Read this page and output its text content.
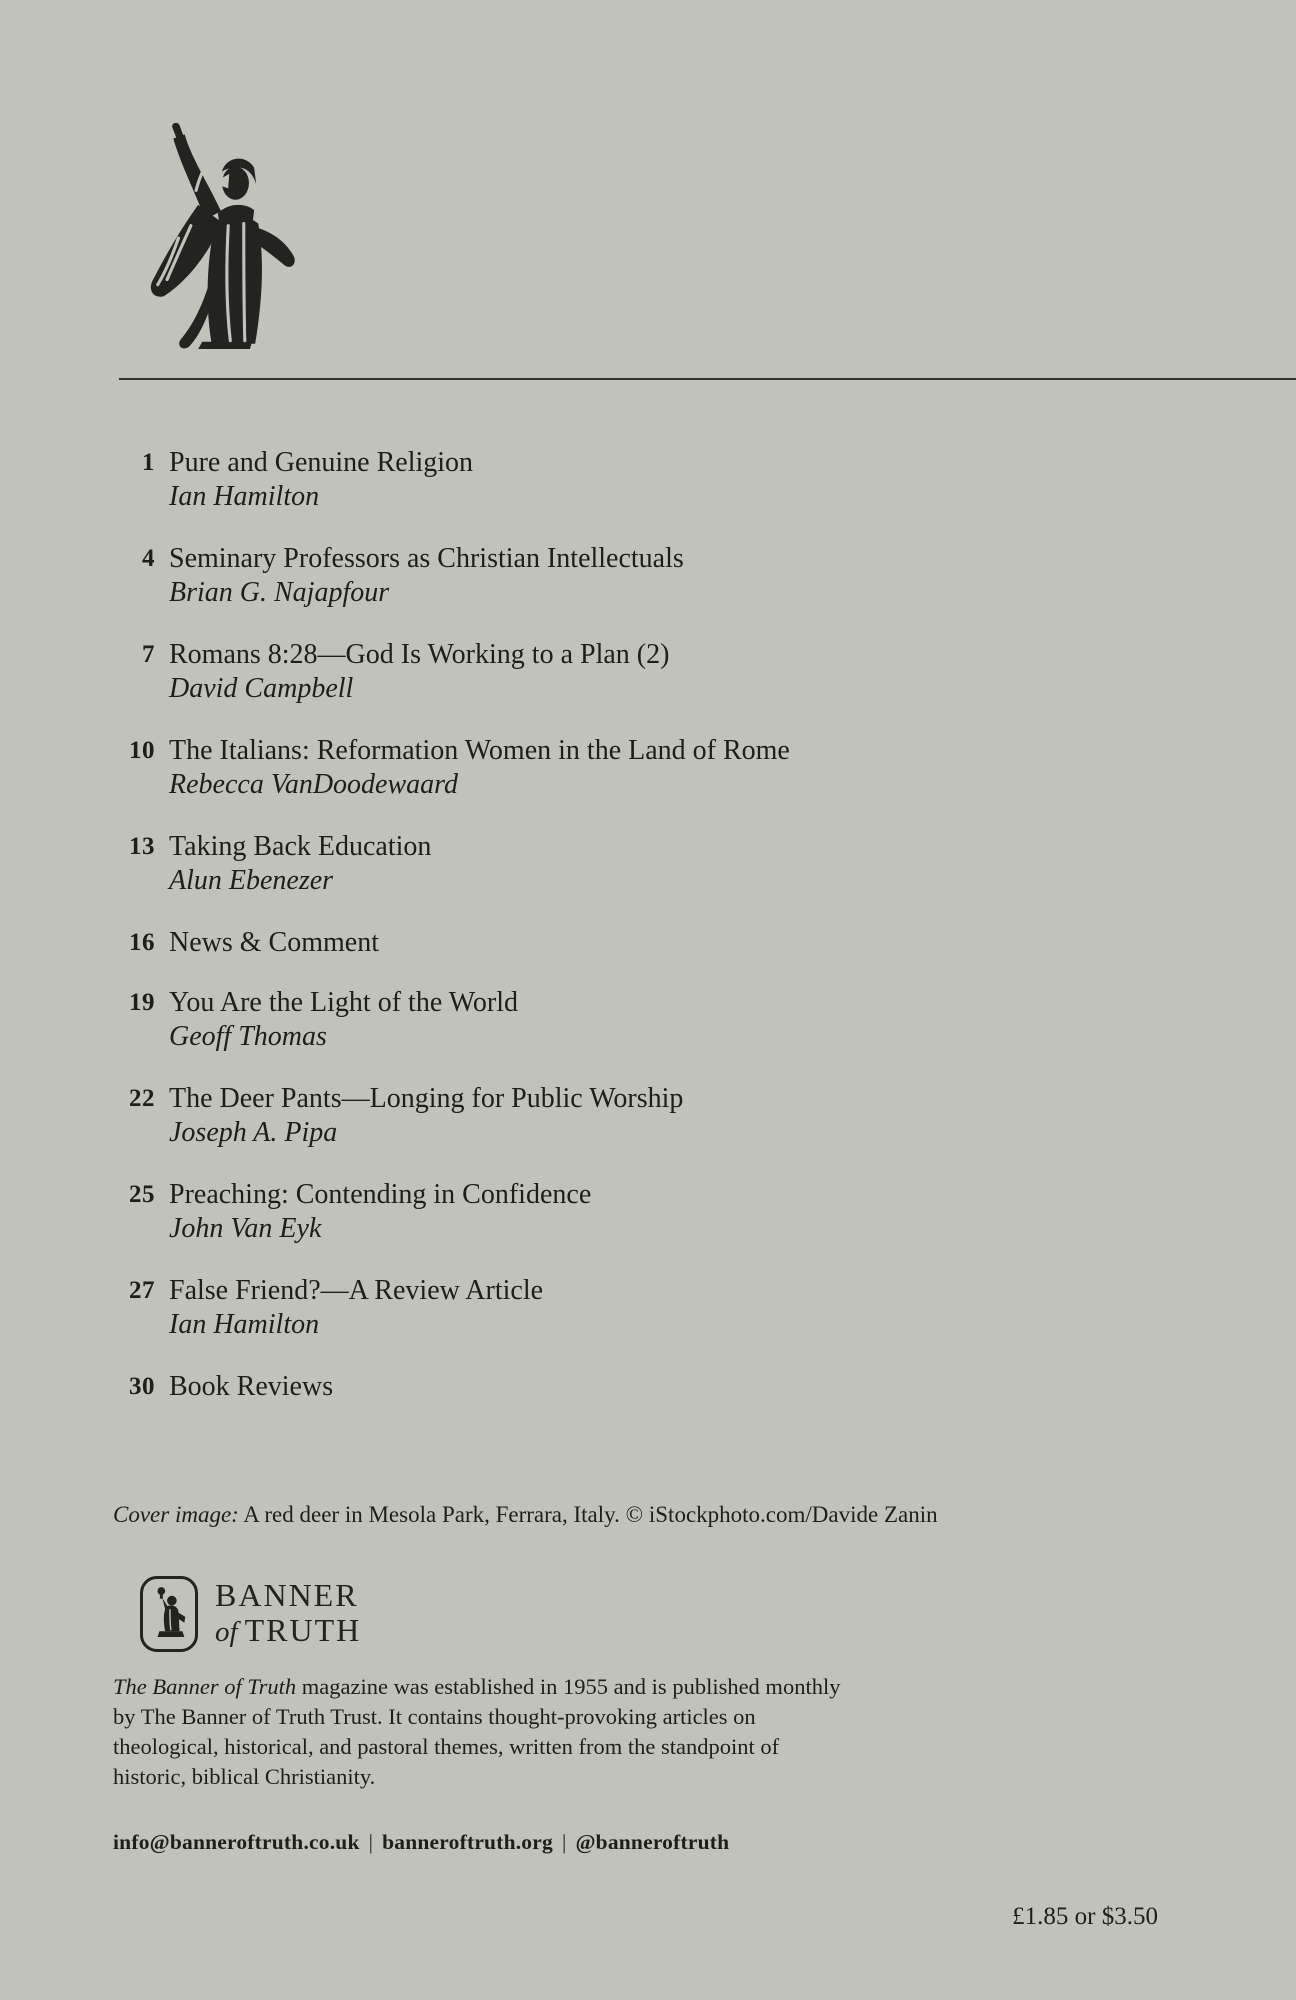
1 Pure and Genuine Religion
Ian Hamilton
4 Seminary Professors as Christian Intellectuals
Brian G. Najapfour
7 Romans 8:28—God Is Working to a Plan (2)
David Campbell
10 The Italians: Reformation Women in the Land of Rome
Rebecca VanDoodewaard
13 Taking Back Education
Alun Ebenezer
16 News & Comment
19 You Are the Light of the World
Geoff Thomas
22 The Deer Pants—Longing for Public Worship
Joseph A. Pipa
25 Preaching: Contending in Confidence
John Van Eyk
27 False Friend?—A Review Article
Ian Hamilton
30 Book Reviews

Cover image: A red deer in Mesola Park, Ferrara, Italy. © iStockphoto.com/Davide Zanin

BANNER
of TRUTH
The Banner of Truth magazine was established in 1955 and is published monthly
by The Banner of Truth Trust. It contains thought-provoking articles on
theological, historical, and pastoral themes, written from the standpoint of
historic, biblical Christianity.

info@banneroftruth.co.uk | banneroftruth.org | @banneroftruth

£1.85 or $3.50
